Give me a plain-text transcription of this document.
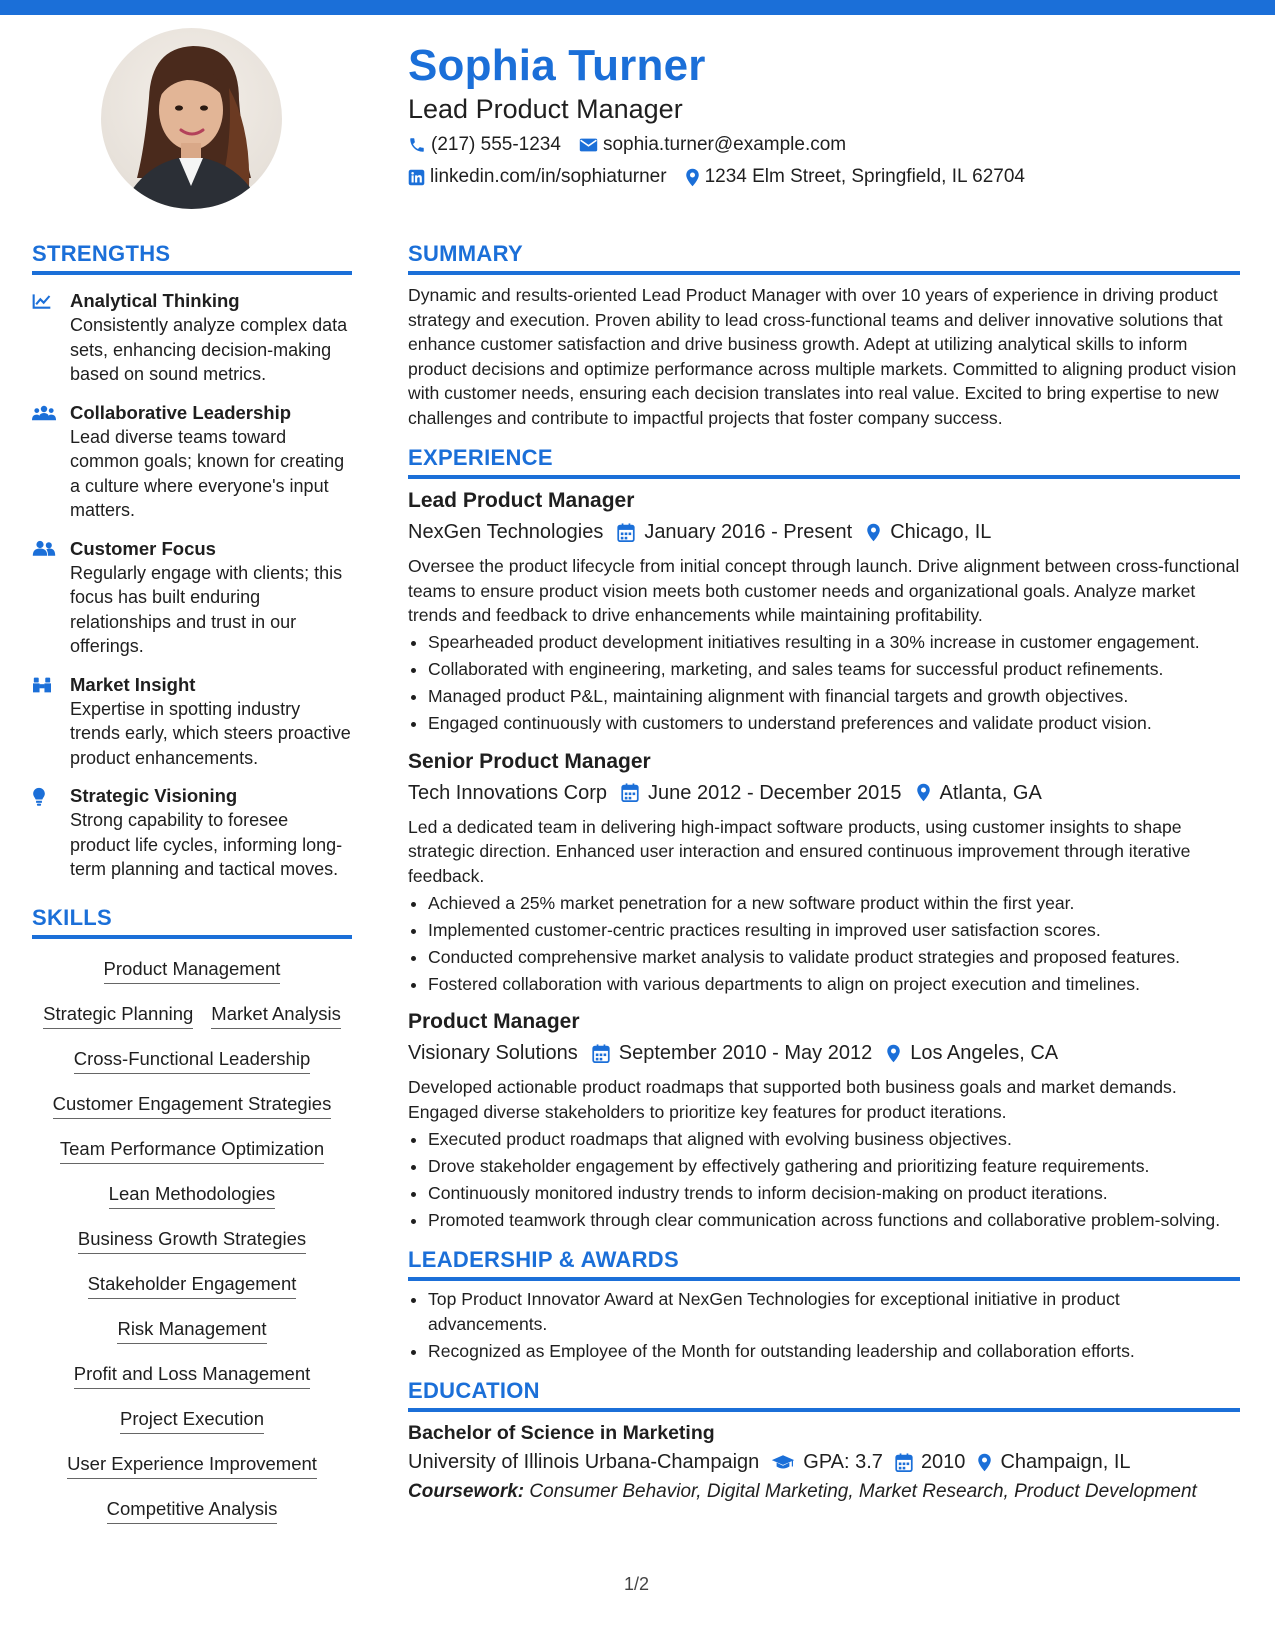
Sophia Turner
Lead Product Manager
(217) 555-1234 sophia.turner@example.com
linkedin.com/in/sophiaturner 1234 Elm Street, Springfield, IL 62704
STRENGTHS
Analytical Thinking
Consistently analyze complex data sets, enhancing decision-making based on sound metrics.
Collaborative Leadership
Lead diverse teams toward common goals; known for creating a culture where everyone's input matters.
Customer Focus
Regularly engage with clients; this focus has built enduring relationships and trust in our offerings.
Market Insight
Expertise in spotting industry trends early, which steers proactive product enhancements.
Strategic Visioning
Strong capability to foresee product life cycles, informing long-term planning and tactical moves.
SKILLS
Product Management
Strategic Planning Market Analysis
Cross-Functional Leadership
Customer Engagement Strategies
Team Performance Optimization
Lean Methodologies
Business Growth Strategies
Stakeholder Engagement
Risk Management
Profit and Loss Management
Project Execution
User Experience Improvement
Competitive Analysis
SUMMARY
Dynamic and results-oriented Lead Product Manager with over 10 years of experience in driving product strategy and execution. Proven ability to lead cross-functional teams and deliver innovative solutions that enhance customer satisfaction and drive business growth. Adept at utilizing analytical skills to inform product decisions and optimize performance across multiple markets. Committed to aligning product vision with customer needs, ensuring each decision translates into real value. Excited to bring expertise to new challenges and contribute to impactful projects that foster company success.
EXPERIENCE
Lead Product Manager
NexGen Technologies January 2016 - Present Chicago, IL
Oversee the product lifecycle from initial concept through launch. Drive alignment between cross-functional teams to ensure product vision meets both customer needs and organizational goals. Analyze market trends and feedback to drive enhancements while maintaining profitability.
• Spearheaded product development initiatives resulting in a 30% increase in customer engagement.
• Collaborated with engineering, marketing, and sales teams for successful product refinements.
• Managed product P&L, maintaining alignment with financial targets and growth objectives.
• Engaged continuously with customers to understand preferences and validate product vision.
Senior Product Manager
Tech Innovations Corp June 2012 - December 2015 Atlanta, GA
Led a dedicated team in delivering high-impact software products, using customer insights to shape strategic direction. Enhanced user interaction and ensured continuous improvement through iterative feedback.
• Achieved a 25% market penetration for a new software product within the first year.
• Implemented customer-centric practices resulting in improved user satisfaction scores.
• Conducted comprehensive market analysis to validate product strategies and proposed features.
• Fostered collaboration with various departments to align on project execution and timelines.
Product Manager
Visionary Solutions September 2010 - May 2012 Los Angeles, CA
Developed actionable product roadmaps that supported both business goals and market demands. Engaged diverse stakeholders to prioritize key features for product iterations.
• Executed product roadmaps that aligned with evolving business objectives.
• Drove stakeholder engagement by effectively gathering and prioritizing feature requirements.
• Continuously monitored industry trends to inform decision-making on product iterations.
• Promoted teamwork through clear communication across functions and collaborative problem-solving.
LEADERSHIP & AWARDS
• Top Product Innovator Award at NexGen Technologies for exceptional initiative in product advancements.
• Recognized as Employee of the Month for outstanding leadership and collaboration efforts.
EDUCATION
Bachelor of Science in Marketing
University of Illinois Urbana-Champaign GPA: 3.7 2010 Champaign, IL
Coursework: Consumer Behavior, Digital Marketing, Market Research, Product Development
1/2
